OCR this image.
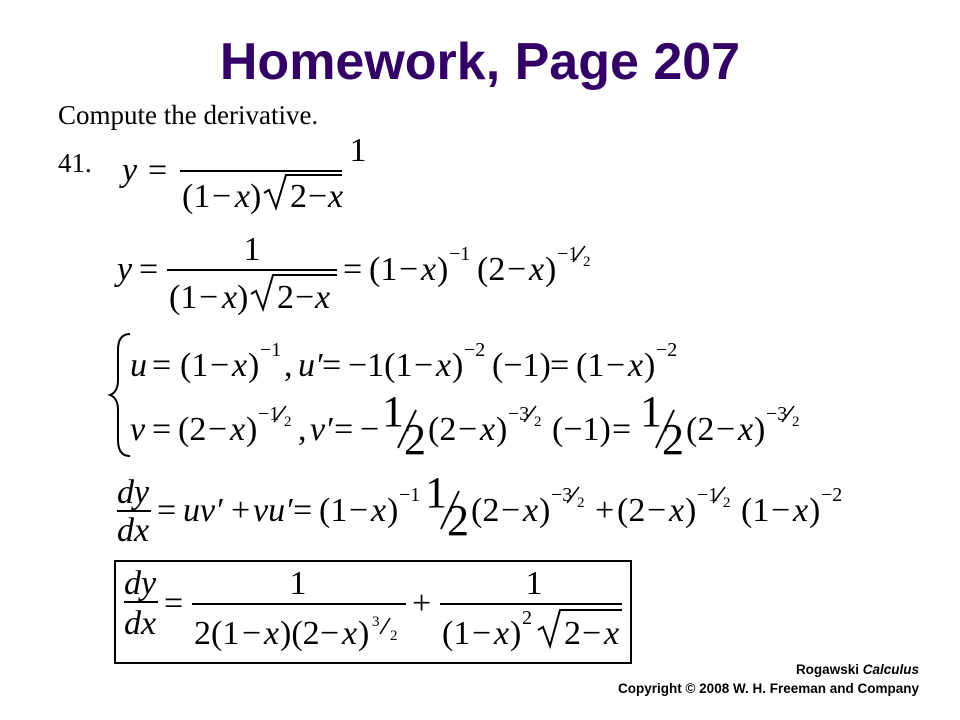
Homework, Page 207
Compute the derivative.
41. y =
1
(1 − x ) 2 − x
y =
1
(1 − x ) 2 − x
= (1 − x ) −1 (2 − x ) −1 2
u = (1 − x ) −1 , u′ = −1(1 − x ) −2 (−1) = (1 − x ) −2
v = (2 − x ) −1 2 , v′ = − 1
2 (2 − x ) −3 2 (−1) = 1
2 (2 − x ) −3 2
dy
dx
= uv′ + vu′ = (1 − x ) −1 1
2 (2 − x ) −3 2 + (2 − x ) −1 2 (1 − x ) −2
dy
dx
=
1
2(1 − x )(2 − x ) 3
2
+
1
(1 − x ) 2 2 − x
Rogawski Calculus
Copyright © 2008 W. H. Freeman and Company
